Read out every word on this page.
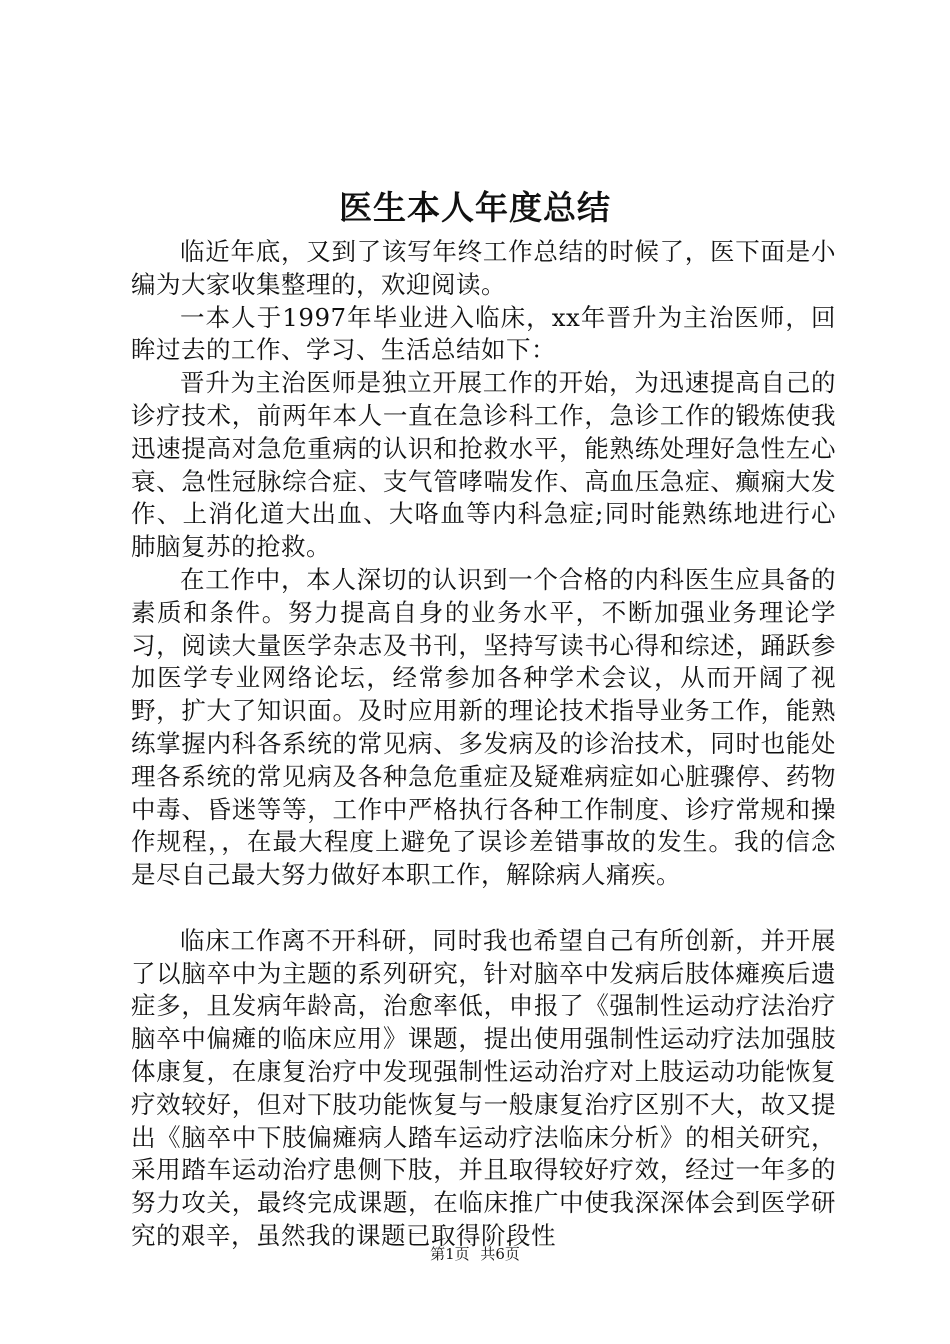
医生本人年度总结

临近年底，又到了该写年终工作总结的时候了，医下面是小编为大家收集整理的，欢迎阅读。

一本人于1997年毕业进入临床，xx年晋升为主治医师，回眸过去的工作、学习、生活总结如下：

晋升为主治医师是独立开展工作的开始，为迅速提高自己的诊疗技术，前两年本人一直在急诊科工作，急诊工作的锻炼使我迅速提高对急危重病的认识和抢救水平，能熟练处理好急性左心衰、急性冠脉综合症、支气管哮喘发作、高血压急症、癫痫大发作、上消化道大出血、大咯血等内科急症;同时能熟练地进行心肺脑复苏的抢救。

在工作中，本人深切的认识到一个合格的内科医生应具备的素质和条件。努力提高自身的业务水平，不断加强业务理论学习，阅读大量医学杂志及书刊，坚持写读书心得和综述，踊跃参加医学专业网络论坛，经常参加各种学术会议，从而开阔了视野，扩大了知识面。及时应用新的理论技术指导业务工作，能熟练掌握内科各系统的常见病、多发病及的诊治技术，同时也能处理各系统的常见病及各种急危重症及疑难病症如心脏骤停、药物中毒、昏迷等等，工作中严格执行各种工作制度、诊疗常规和操作规程，，在最大程度上避免了误诊差错事故的发生。我的信念是尽自己最大努力做好本职工作，解除病人痛疾。

临床工作离不开科研，同时我也希望自己有所创新，并开展了以脑卒中为主题的系列研究，针对脑卒中发病后肢体瘫痪后遗症多，且发病年龄高，治愈率低，申报了《强制性运动疗法治疗脑卒中偏瘫的临床应用》课题，提出使用强制性运动疗法加强肢体康复，在康复治疗中发现强制性运动治疗对上肢运动功能恢复疗效较好，但对下肢功能恢复与一般康复治疗区别不大，故又提出《脑卒中下肢偏瘫病人踏车运动疗法临床分析》的相关研究，采用踏车运动治疗患侧下肢，并且取得较好疗效，经过一年多的努力攻关，最终完成课题，在临床推广中使我深深体会到医学研究的艰辛，虽然我的课题已取得阶段性

第1页 共6页
